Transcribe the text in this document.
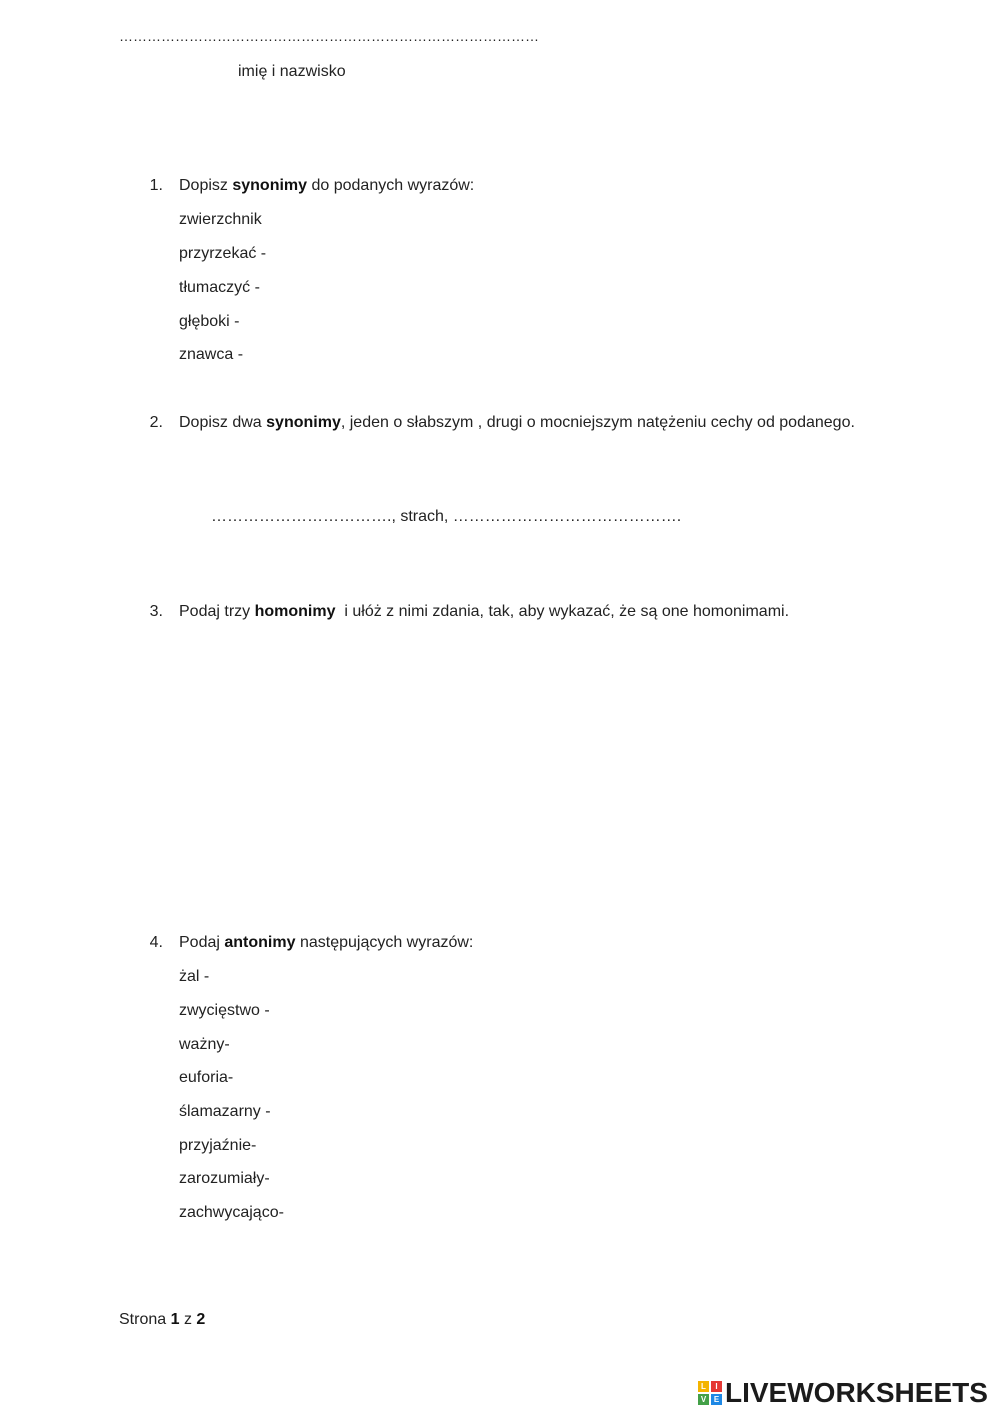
………………………………………………………………………………
imię i nazwisko
1. Dopisz synonimy do podanych wyrazów:
zwierzchnik
przyrzekać -
tłumaczyć -
głęboki -
znawca -
2. Dopisz dwa synonimy, jeden o słabszym , drugi o mocniejszym natężeniu cechy od podanego.
……………………………., strach, …………………………………….
3. Podaj trzy homonimy  i ułóż z nimi zdania, tak, aby wykazać, że są one homonimami.
4. Podaj antonimy następujących wyrazów:
żal -
zwycięstwo -
ważny-
euforia-
ślamazarny -
przyjaźnie-
zarozumiały-
zachwycająco-
Strona 1 z 2
L	I
V E LIVEWORKSHEETS
